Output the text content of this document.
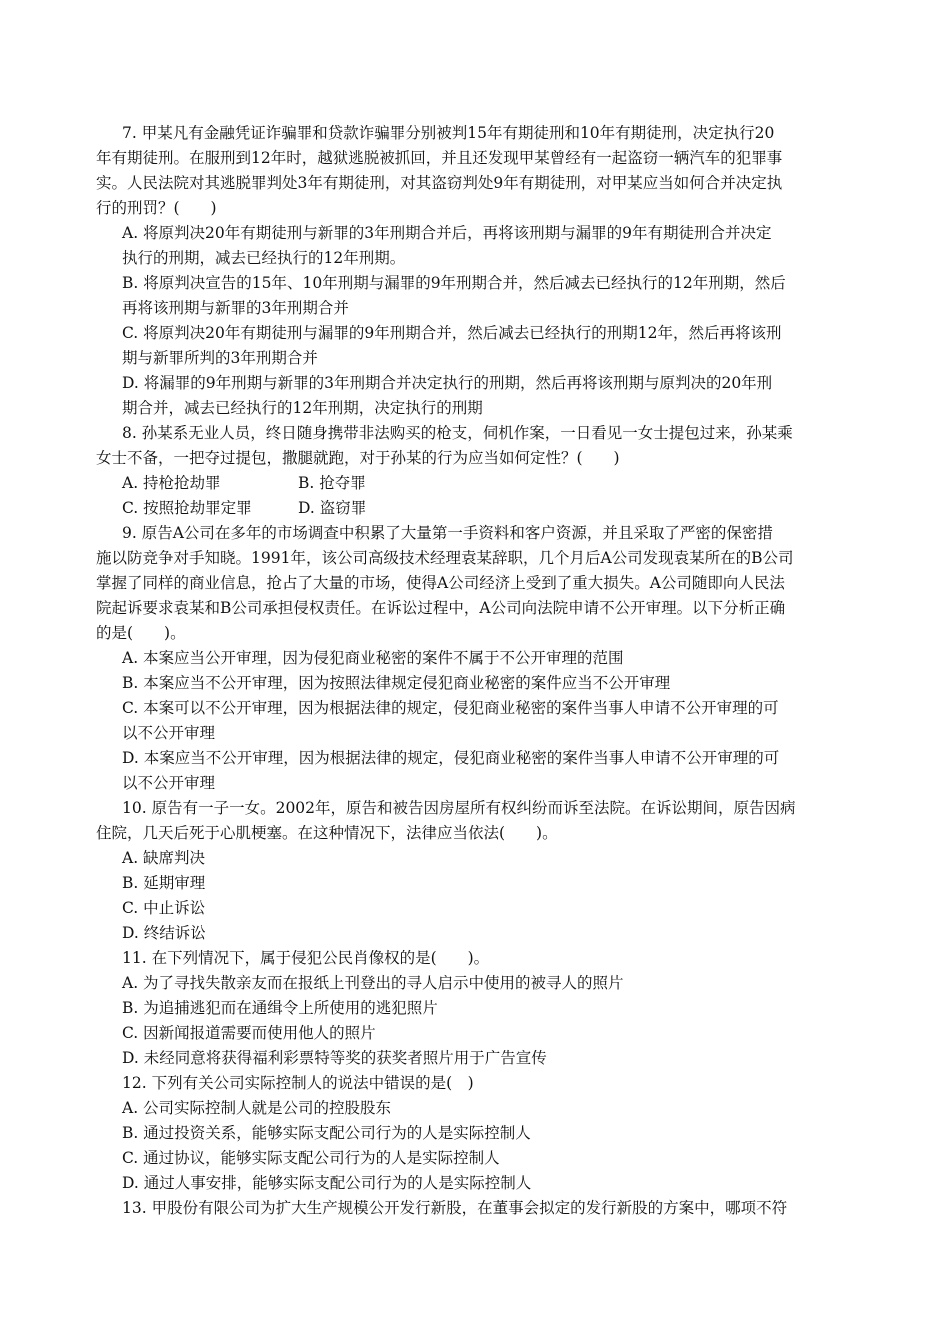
7. 甲某凡有金融凭证诈骗罪和贷款诈骗罪分别被判15年有期徒刑和10年有期徒刑，决定执行20
年有期徒刑。在服刑到12年时，越狱逃脱被抓回，并且还发现甲某曾经有一起盗窃一辆汽车的犯罪事
实。人民法院对其逃脱罪判处3年有期徒刑，对其盗窃判处9年有期徒刑，对甲某应当如何合并决定执
行的刑罚？(　　)
A. 将原判决20年有期徒刑与新罪的3年刑期合并后，再将该刑期与漏罪的9年有期徒刑合并决定
执行的刑期，减去已经执行的12年刑期。
B. 将原判决宣告的15年、10年刑期与漏罪的9年刑期合并，然后减去已经执行的12年刑期，然后
再将该刑期与新罪的3年刑期合并
C. 将原判决20年有期徒刑与漏罪的9年刑期合并，然后减去已经执行的刑期12年，然后再将该刑
期与新罪所判的3年刑期合并
D. 将漏罪的9年刑期与新罪的3年刑期合并决定执行的刑期，然后再将该刑期与原判决的20年刑
期合并，减去已经执行的12年刑期，决定执行的刑期
8. 孙某系无业人员，终日随身携带非法购买的枪支，伺机作案，一日看见一女士提包过来，孙某乘
女士不备，一把夺过提包，撒腿就跑，对于孙某的行为应当如何定性？(　　)
A. 持枪抢劫罪	B. 抢夺罪
C. 按照抢劫罪定罪	D. 盗窃罪
9. 原告A公司在多年的市场调查中积累了大量第一手资料和客户资源，并且采取了严密的保密措
施以防竞争对手知晓。1991年，该公司高级技术经理袁某辞职，几个月后A公司发现袁某所在的B公司
掌握了同样的商业信息，抢占了大量的市场，使得A公司经济上受到了重大损失。A公司随即向人民法
院起诉要求袁某和B公司承担侵权责任。在诉讼过程中，A公司向法院申请不公开审理。以下分析正确
的是(　　)。
A. 本案应当公开审理，因为侵犯商业秘密的案件不属于不公开审理的范围
B. 本案应当不公开审理，因为按照法律规定侵犯商业秘密的案件应当不公开审理
C. 本案可以不公开审理，因为根据法律的规定，侵犯商业秘密的案件当事人申请不公开审理的可
以不公开审理
D. 本案应当不公开审理，因为根据法律的规定，侵犯商业秘密的案件当事人申请不公开审理的可
以不公开审理
10. 原告有一子一女。2002年，原告和被告因房屋所有权纠纷而诉至法院。在诉讼期间，原告因病
住院，几天后死于心肌梗塞。在这种情况下，法律应当依法(　　)。
A. 缺席判决
B. 延期审理
C. 中止诉讼
D. 终结诉讼
11. 在下列情况下，属于侵犯公民肖像权的是(　　)。
A. 为了寻找失散亲友而在报纸上刊登出的寻人启示中使用的被寻人的照片
B. 为追捕逃犯而在通缉令上所使用的逃犯照片
C. 因新闻报道需要而使用他人的照片
D. 未经同意将获得福利彩票特等奖的获奖者照片用于广告宣传
12. 下列有关公司实际控制人的说法中错误的是(　)
A. 公司实际控制人就是公司的控股股东
B. 通过投资关系，能够实际支配公司行为的人是实际控制人
C. 通过协议，能够实际支配公司行为的人是实际控制人
D. 通过人事安排，能够实际支配公司行为的人是实际控制人
13. 甲股份有限公司为扩大生产规模公开发行新股，在董事会拟定的发行新股的方案中，哪项不符
